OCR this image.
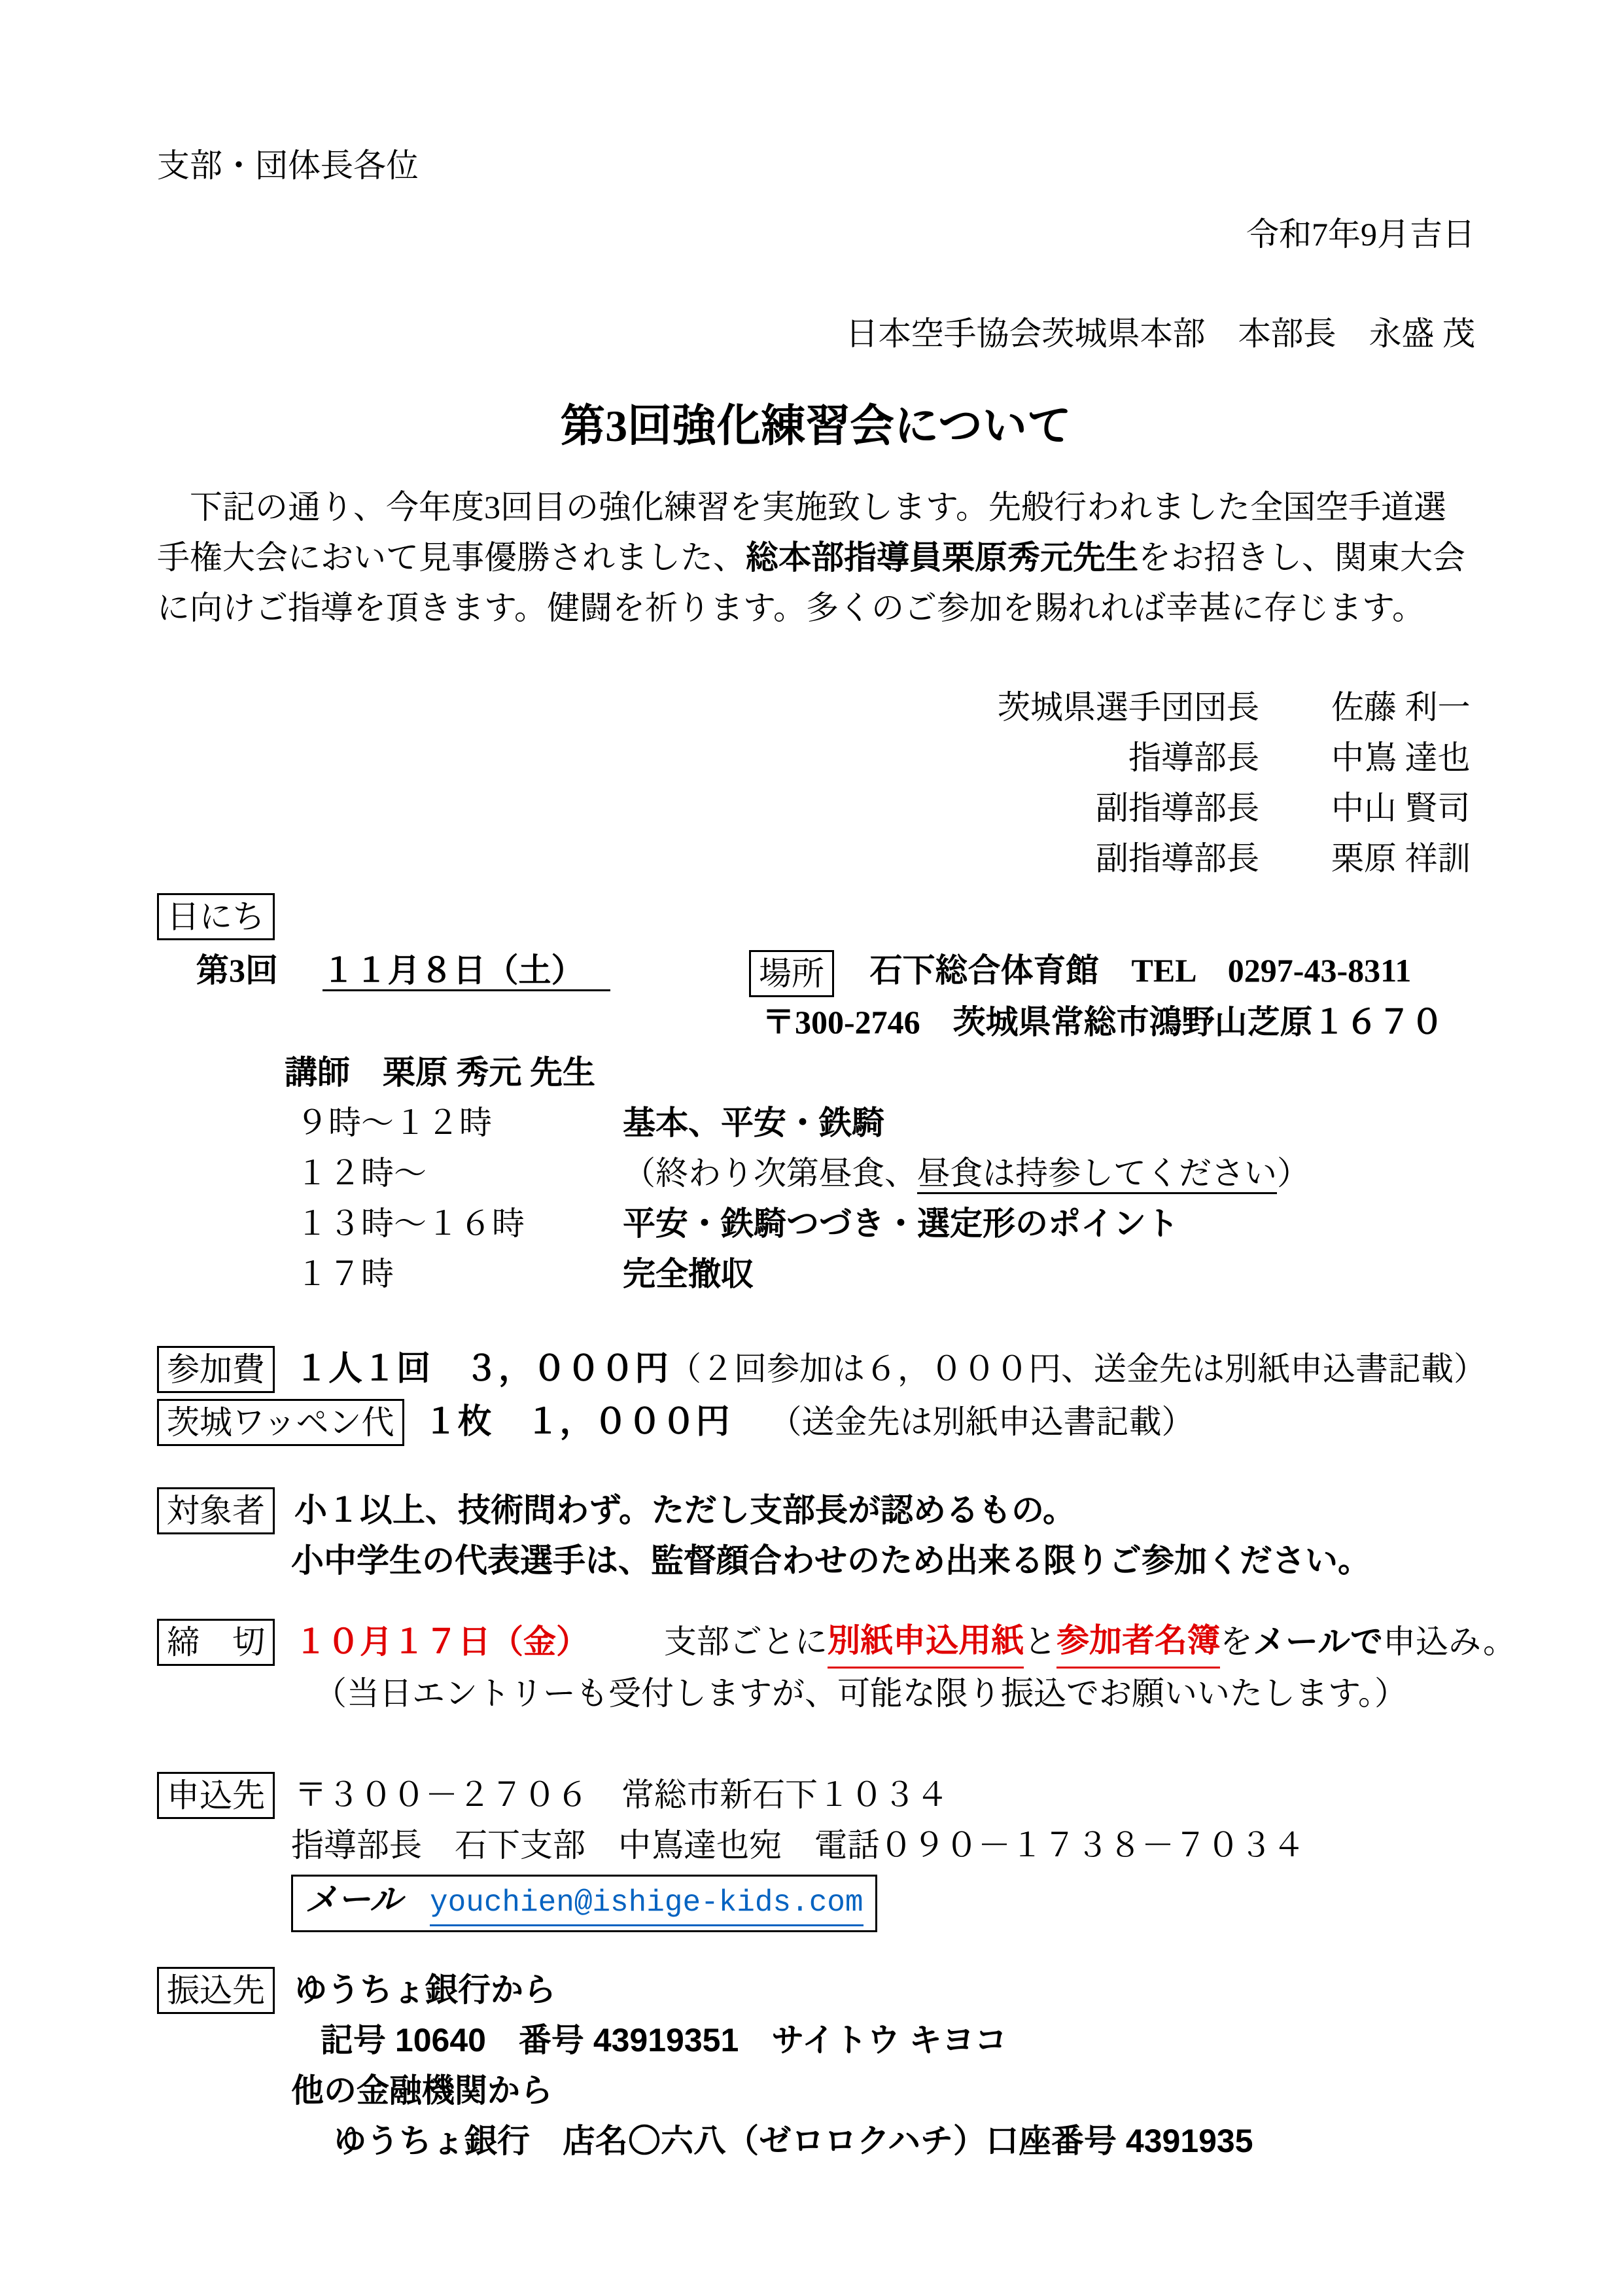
支部・団体長各位
令和7年9月吉日
日本空手協会茨城県本部　本部長　永盛 茂
第3回強化練習会について
　下記の通り、今年度3回目の強化練習を実施致します。先般行われました全国空手道選
手権大会において見事優勝されました、総本部指導員栗原秀元先生をお招きし、関東大会
に向けご指導を頂きます。健闘を祈ります。多くのご参加を賜れれば幸甚に存じます。
茨城県選手団団長	佐藤 利一
指導部長	中嶌 達也
副指導部長	中山 賢司
副指導部長	栗原 祥訓
日にち
第3回 １１月８日（土）	場所 石下総合体育館　TEL　0297-43-8311
〒300-2746　茨城県常総市鴻野山芝原１６７０
講師　栗原 秀元 先生
９時～１２時	基本、平安・鉄騎
１２時～	（終わり次第昼食、昼食は持参してください）
１３時～１６時	平安・鉄騎つづき・選定形のポイント
１７時	完全撤収
参加費 １人１回　３，０００円 （２回参加は６，０００円、送金先は別紙申込書記載）
茨城ワッペン代 １枚　１，０００円 （送金先は別紙申込書記載）
対象者 小１以上、技術問わず。ただし支部長が認めるもの。
小中学生の代表選手は、監督顔合わせのため出来る限りご参加ください。
締　切 １０月１７日（金） 支部ごとに 別紙申込用紙 と 参加者名簿 を メールで 申込み。
（当日エントリーも受付しますが、可能な限り振込でお願いいたします。）
申込先 〒３００－２７０６　常総市新石下１０３４
指導部長　石下支部　中嶌達也宛　電話０９０－１７３８－７０３４
メール youchien@ishige-kids.com
振込先 ゆうちょ銀行から
記号 10640　番号 43919351　サイトウ キヨコ
他の金融機関から
ゆうちょ銀行　店名〇六八（ゼロロクハチ）口座番号 4391935
